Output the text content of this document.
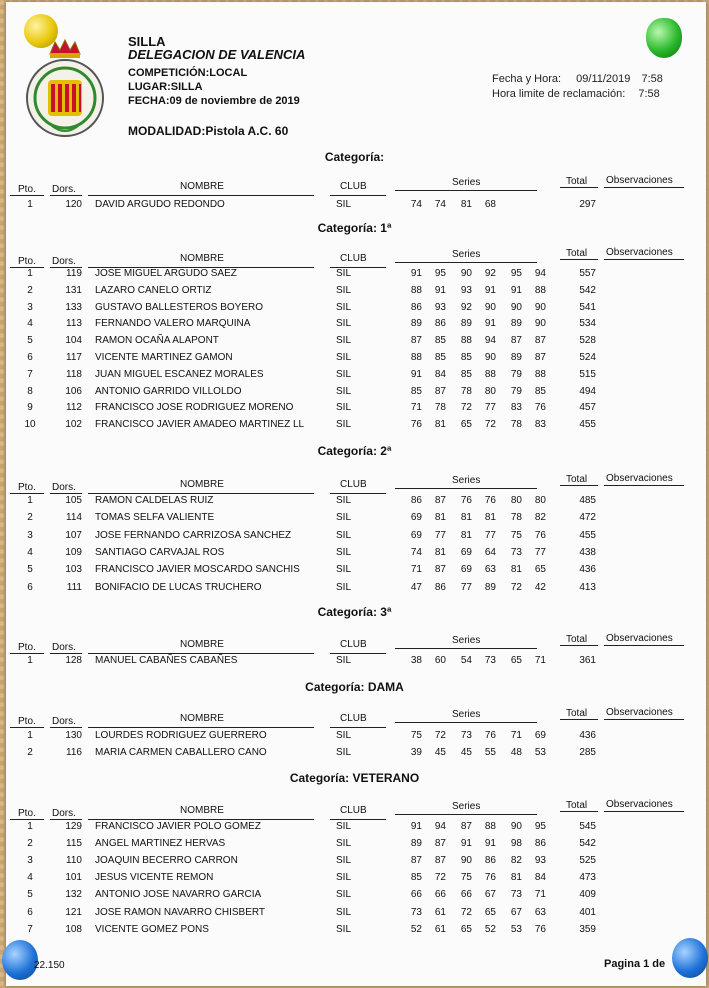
SILLA
DELEGACION DE VALENCIA
COMPETICIÓN:LOCAL
LUGAR:SILLA
FECHA:09 de noviembre de 2019
MODALIDAD:Pistola A.C. 60
Fecha y Hora: 09/11/2019 7:58
Hora limite de reclamación: 7:58
Categoría:
Pto. Dors.	NOMBRE	CLUB	Series	Total Observaciones
1	120 DAVID ARGUDO REDONDO	SIL	74	74	81	68	297
Categoría: 1ª
Pto. Dors.	NOMBRE	CLUB	Series	Total Observaciones
1	119 JOSE MIGUEL ARGUDO SAEZ	SIL	91	95	90	92	95	94	557
2	131 LAZARO CANELO ORTIZ	SIL	88	91	93	91	91	88	542
3	133 GUSTAVO BALLESTEROS BOYERO	SIL	86	93	92	90	90	90	541
4	113 FERNANDO VALERO MARQUINA	SIL	89	86	89	91	89	90	534
5	104 RAMON OCAÑA ALAPONT	SIL	87	85	88	94	87	87	528
6	117 VICENTE MARTINEZ GAMON	SIL	88	85	85	90	89	87	524
7	118 JUAN MIGUEL ESCANEZ MORALES	SIL	91	84	85	88	79	88	515
8	106 ANTONIO GARRIDO VILLOLDO	SIL	85	87	78	80	79	85	494
9	112 FRANCISCO JOSE RODRIGUEZ MORENO	SIL	71	78	72	77	83	76	457
10	102 FRANCISCO JAVIER AMADEO MARTINEZ LL	SIL	76	81	65	72	78	83	455
Categoría: 2ª
Pto. Dors.	NOMBRE	CLUB	Series	Total Observaciones
1	105 RAMON CALDELAS RUIZ	SIL	86	87	76	76	80	80	485
2	114 TOMAS SELFA VALIENTE	SIL	69	81	81	81	78	82	472
3	107 JOSE FERNANDO CARRIZOSA SANCHEZ	SIL	69	77	81	77	75	76	455
4	109 SANTIAGO CARVAJAL ROS	SIL	74	81	69	64	73	77	438
5	103 FRANCISCO JAVIER MOSCARDO SANCHIS	SIL	71	87	69	63	81	65	436
6	111 BONIFACIO DE LUCAS TRUCHERO	SIL	47	86	77	89	72	42	413
Categoría: 3ª
Pto. Dors.	NOMBRE	CLUB	Series	Total Observaciones
1	128 MANUEL CABAÑES CABAÑES	SIL	38	60	54	73	65	71	361
Categoría: DAMA
Pto. Dors.	NOMBRE	CLUB	Series	Total Observaciones
1	130 LOURDES RODRIGUEZ GUERRERO	SIL	75	72	73	76	71	69	436
2	116 MARIA CARMEN CABALLERO CANO	SIL	39	45	45	55	48	53	285
Categoría: VETERANO
Pto. Dors.	NOMBRE	CLUB	Series	Total Observaciones
1	129 FRANCISCO JAVIER POLO GOMEZ	SIL	91	94	87	88	90	95	545
2	115 ANGEL MARTINEZ HERVAS	SIL	89	87	91	91	98	86	542
3	110 JOAQUIN BECERRO CARRON	SIL	87	87	90	86	82	93	525
4	101 JESUS VICENTE REMON	SIL	85	72	75	76	81	84	473
5	132 ANTONIO JOSE NAVARRO GARCIA	SIL	66	66	66	67	73	71	409
6	121 JOSE RAMON NAVARRO CHISBERT	SIL	73	61	72	65	67	63	401
7	108 VICENTE GOMEZ PONS	SIL	52	61	65	52	53	76	359
22.150	Pagina 1 de
